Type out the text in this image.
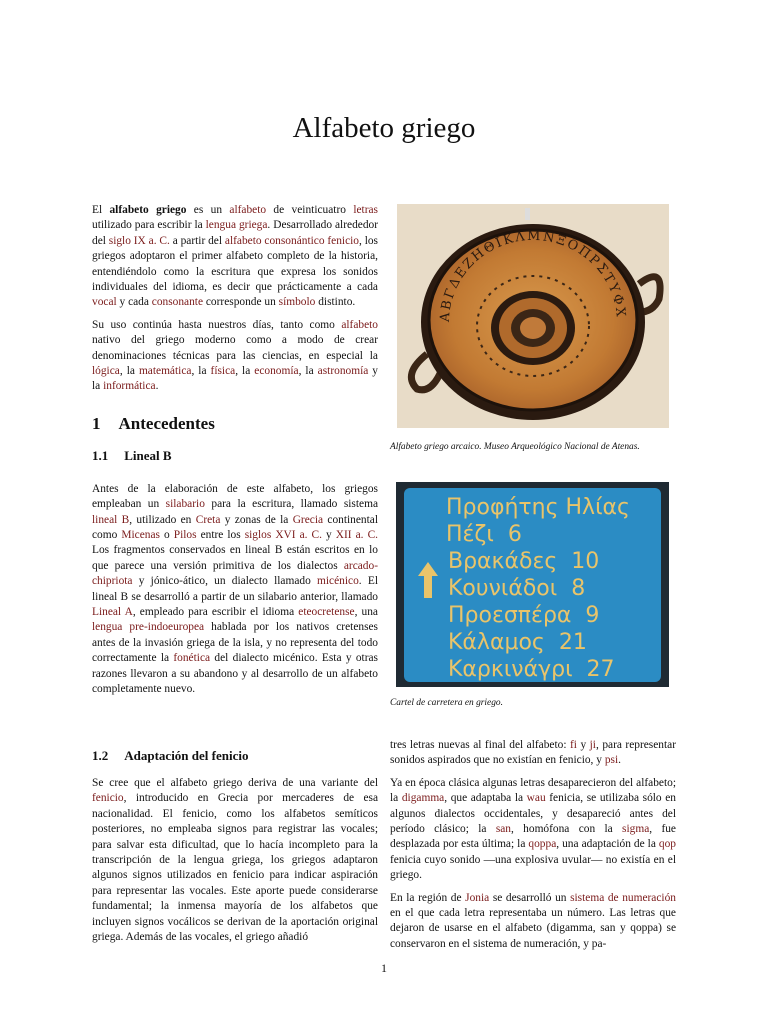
Alfabeto griego

El alfabeto griego es un alfabeto de veinticuatro letras utilizado para escribir la lengua griega. Desarrollado alrededor del siglo IX a. C. a partir del alfabeto consonántico fenicio, los griegos adoptaron el primer alfabeto completo de la historia, entendiéndolo como la escritura que expresa los sonidos individuales del idioma, es decir que prácticamente a cada vocal y cada consonante corresponde un símbolo distinto.

Su uso continúa hasta nuestros días, tanto como alfabeto nativo del griego moderno como a modo de crear denominaciones técnicas para las ciencias, en especial la lógica, la matemática, la física, la economía, la astronomía y la informática.

1 Antecedentes
1.1 Lineal B

Antes de la elaboración de este alfabeto, los griegos empleaban un silabario para la escritura, llamado sistema lineal B, utilizado en Creta y zonas de la Grecia continental como Micenas o Pilos entre los siglos XVI a. C. y XII a. C. Los fragmentos conservados en lineal B están escritos en lo que parece una versión primitiva de los dialectos arcado-chipriota y jónico-ático, un dialecto llamado micénico. El lineal B se desarrolló a partir de un silabario anterior, llamado Lineal A, empleado para escribir el idioma eteocretense, una lengua pre-indoeuropea hablada por los nativos cretenses antes de la invasión griega de la isla, y no representa del todo correctamente la fonética del dialecto micénico. Esta y otras razones llevaron a su abandono y al desarrollo de un alfabeto completamente nuevo.

1.2 Adaptación del fenicio

Se cree que el alfabeto griego deriva de una variante del fenicio, introducido en Grecia por mercaderes de esa nacionalidad. El fenicio, como los alfabetos semíticos posteriores, no empleaba signos para registrar las vocales; para salvar esta dificultad, que lo hacía incompleto para la transcripción de la lengua griega, los griegos adaptaron algunos signos utilizados en fenicio para indicar aspiración para representar las vocales. Este aporte puede considerarse fundamental; la inmensa mayoría de los alfabetos que incluyen signos vocálicos se derivan de la aportación original griega. Además de las vocales, el griego añadió

tres letras nuevas al final del alfabeto: fi y ji, para representar sonidos aspirados que no existían en fenicio, y psi.

Ya en época clásica algunas letras desaparecieron del alfabeto; la digamma, que adaptaba la wau fenicia, se utilizaba sólo en algunos dialectos occidentales, y desapareció antes del período clásico; la san, homófona con la sigma, fue desplazada por esta última; la qoppa, una adaptación de la qop fenicia cuyo sonido —una explosiva uvular— no existía en el griego.

En la región de Jonia se desarrolló un sistema de numeración en el que cada letra representaba un número. Las letras que dejaron de usarse en el alfabeto (digamma, san y qoppa) se conservaron en el sistema de numeración, y pa-

ΑΒΓΔΕΖΗΘΙΚΛΜΝΞΟΠΡΣΤΥΦΧ
Alfabeto griego arcaico. Museo Arqueológico Nacional de Atenas.
Προφήτης Ηλίας
Πέζι 6
Βρακάδες 10
Κουνιάδοι 8
Προεσπέρα 9
Κάλαμος 21
Καρκινάγρι 27
Cartel de carretera en griego.
1
